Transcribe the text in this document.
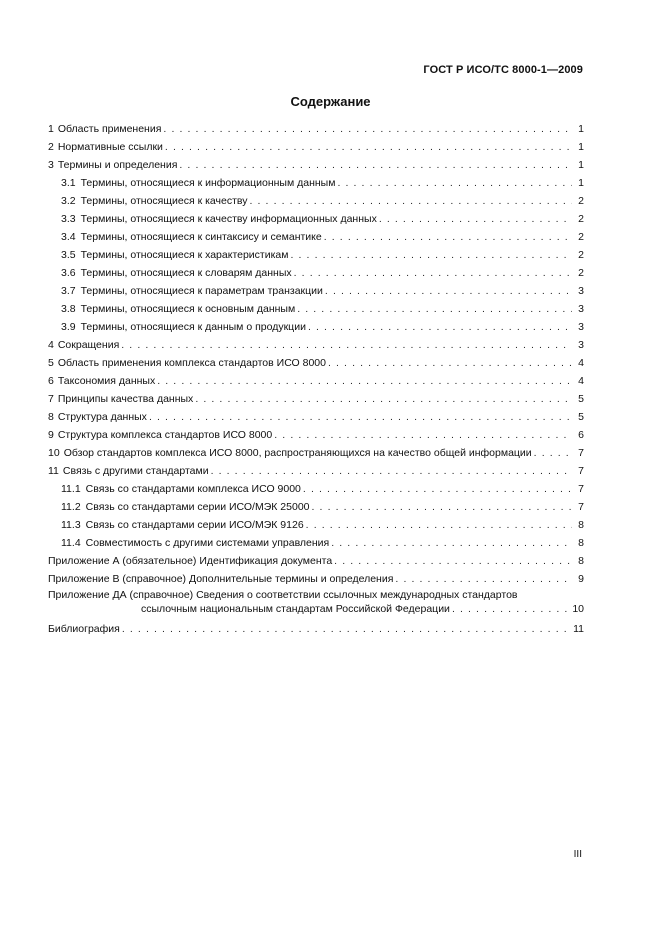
ГОСТ Р ИСО/ТС 8000-1—2009
Содержание
1 Область применения . . .	1
2 Нормативные ссылки . . .	1
3 Термины и определения . . .	1
3.1 Термины, относящиеся к информационным данным . . .	1
3.2 Термины, относящиеся к качеству . . .	2
3.3 Термины, относящиеся к качеству информационных данных . . .	2
3.4 Термины, относящиеся к синтаксису и семантике . . .	2
3.5 Термины, относящиеся к характеристикам . . .	2
3.6 Термины, относящиеся к словарям данных . . .	2
3.7 Термины, относящиеся к параметрам транзакции . . .	3
3.8 Термины, относящиеся к основным данным . . .	3
3.9 Термины, относящиеся к данным о продукции . . .	3
4 Сокращения . . .	3
5 Область применения комплекса стандартов ИСО 8000 . . .	4
6 Таксономия данных . . .	4
7 Принципы качества данных . . .	5
8 Структура данных . . .	5
9 Структура комплекса стандартов ИСО 8000 . . .	6
10 Обзор стандартов комплекса ИСО 8000, распространяющихся на качество общей информации . . .	7
11 Связь с другими стандартами . . .	7
11.1 Связь со стандартами комплекса ИСО 9000 . . .	7
11.2 Связь со стандартами серии ИСО/МЭК 25000 . . .	7
11.3 Связь со стандартами серии ИСО/МЭК 9126 . . .	8
11.4 Совместимость с другими системами управления . . .	8
Приложение А (обязательное) Идентификация документа . . .	8
Приложение В (справочное) Дополнительные термины и определения . . .	9
Приложение ДА (справочное) Сведения о соответствии ссылочных международных стандартов
ссылочным национальным стандартам Российской Федерации . . .	10
Библиография . . .	11
III
